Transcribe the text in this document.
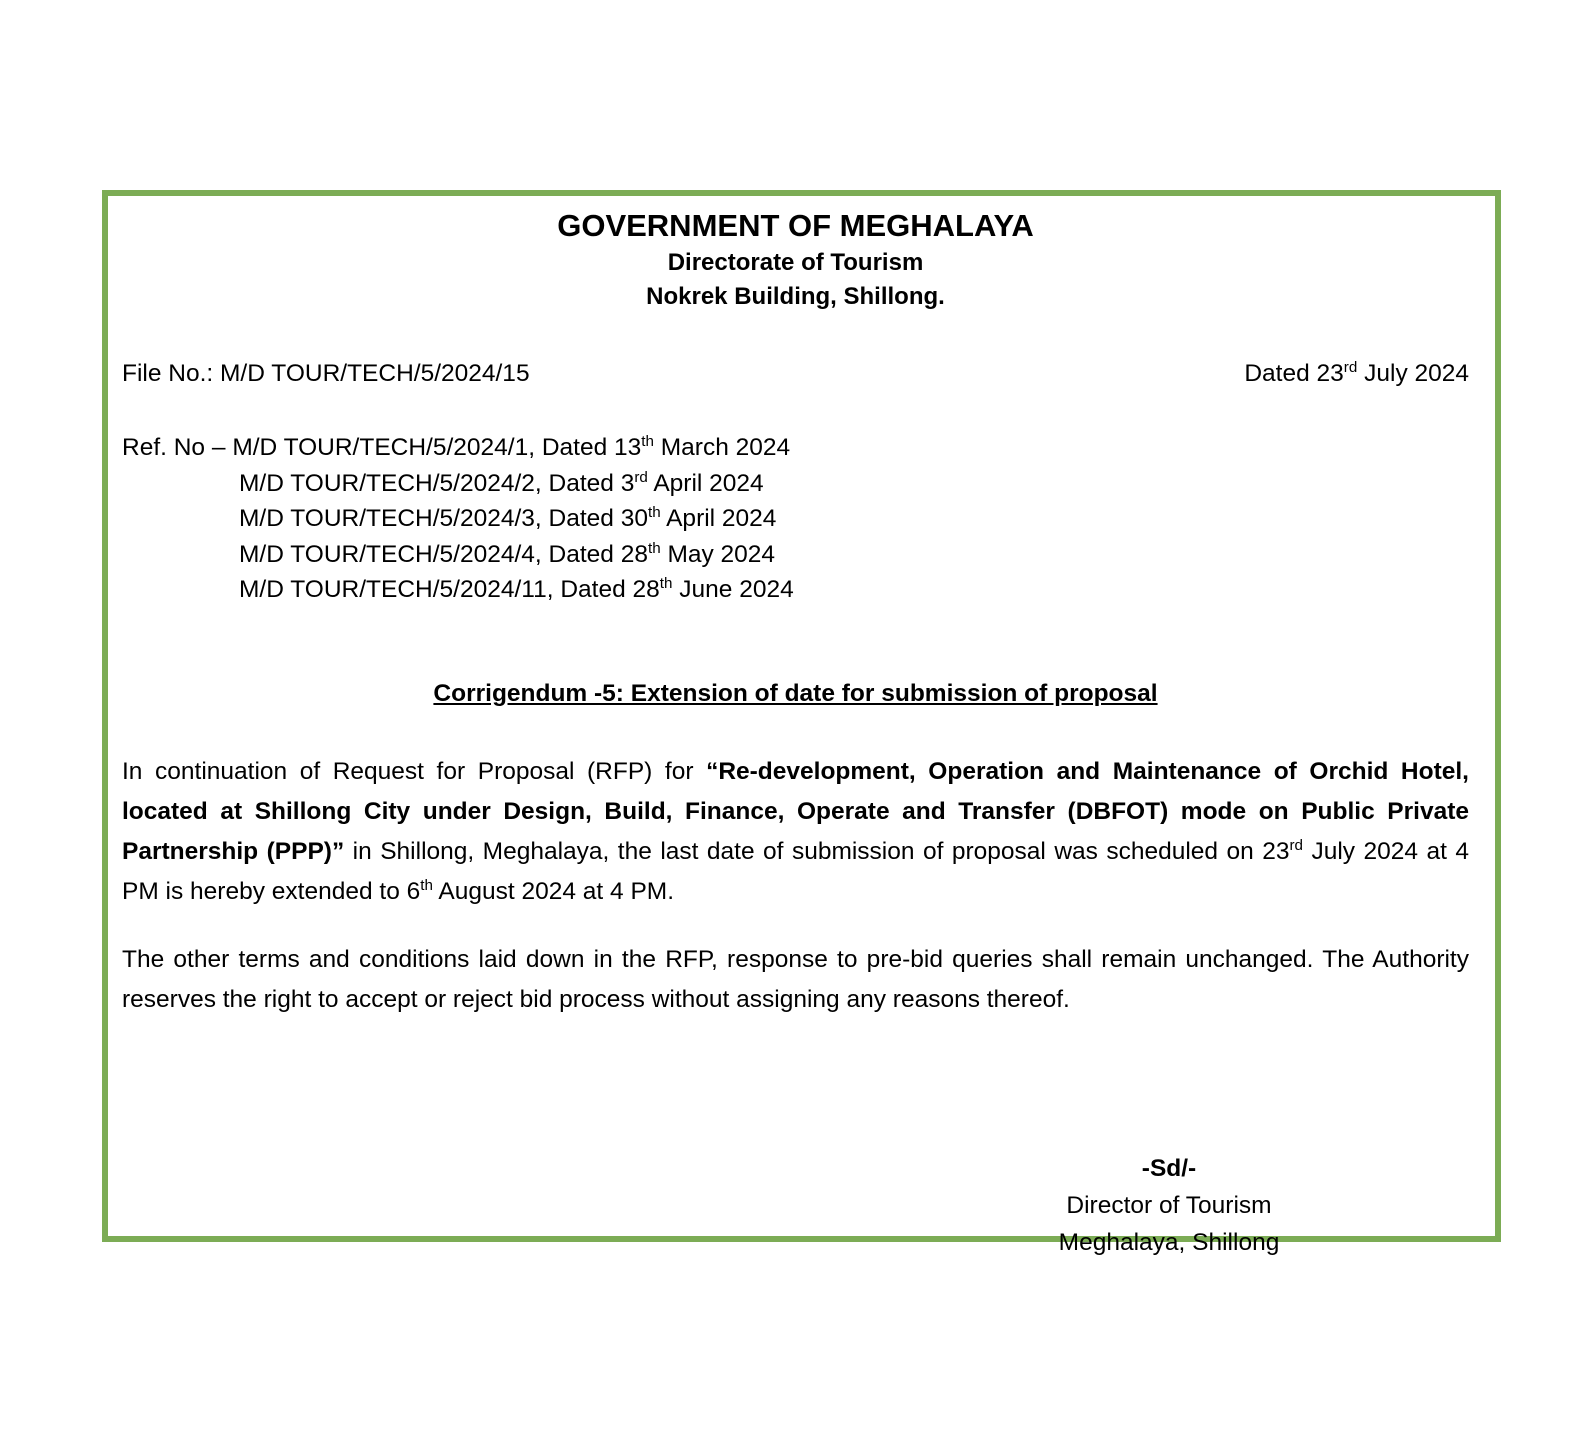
GOVERNMENT OF MEGHALAYA
Directorate of Tourism
Nokrek Building, Shillong.
File No.: M/D TOUR/TECH/5/2024/15	Dated 23rd July 2024
Ref. No – M/D TOUR/TECH/5/2024/1, Dated 13th March 2024
M/D TOUR/TECH/5/2024/2, Dated 3rd April 2024
M/D TOUR/TECH/5/2024/3, Dated 30th April 2024
M/D TOUR/TECH/5/2024/4, Dated 28th May 2024
M/D TOUR/TECH/5/2024/11, Dated 28th June 2024
Corrigendum -5: Extension of date for submission of proposal
In continuation of Request for Proposal (RFP) for “Re-development, Operation and Maintenance of Orchid Hotel, located at Shillong City under Design, Build, Finance, Operate and Transfer (DBFOT) mode on Public Private Partnership (PPP)” in Shillong, Meghalaya, the last date of submission of proposal was scheduled on 23rd July 2024 at 4 PM is hereby extended to 6th August 2024 at 4 PM.
The other terms and conditions laid down in the RFP, response to pre-bid queries shall remain unchanged. The Authority reserves the right to accept or reject bid process without assigning any reasons thereof.
-Sd/-
Director of Tourism
Meghalaya, Shillong
